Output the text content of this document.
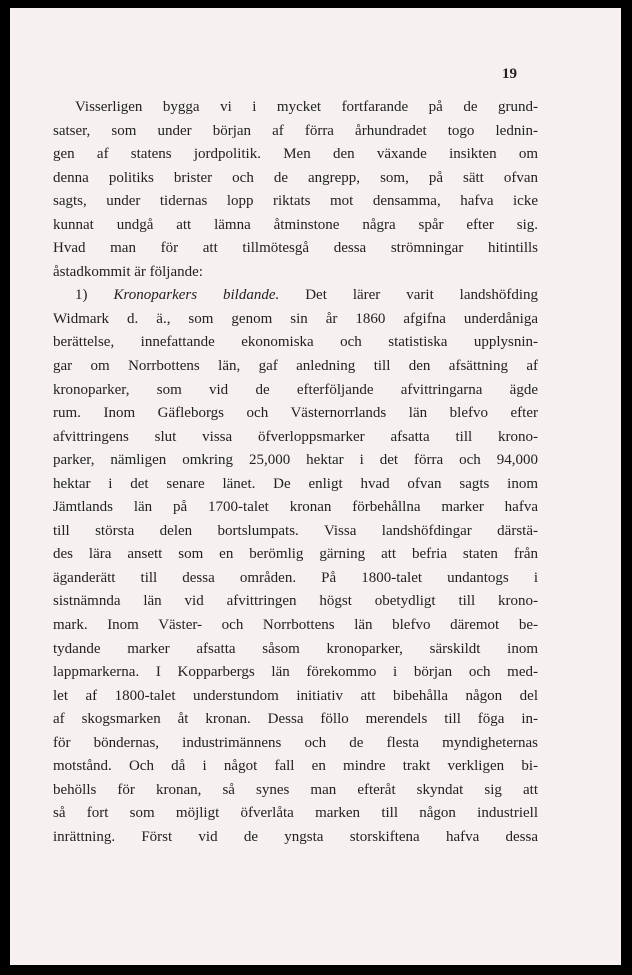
19
Visserligen bygga vi i mycket fortfarande på de grund-
satser, som under början af förra århundradet togo lednin-
gen af statens jordpolitik. Men den växande insikten om
denna politiks brister och de angrepp, som, på sätt ofvan
sagts, under tidernas lopp riktats mot densamma, hafva icke
kunnat undgå att lämna åtminstone några spår efter sig.
Hvad man för att tillmötesgå dessa strömningar hitintills
åstadkommit är följande:
1) Kronoparkers bildande. Det lärer varit landshöfding
Widmark d. ä., som genom sin år 1860 afgifna underdåniga
berättelse, innefattande ekonomiska och statistiska upplysnin-
gar om Norrbottens län, gaf anledning till den afsättning af
kronoparker, som vid de efterföljande afvittringarna ägde
rum. Inom Gäfleborgs och Västernorrlands län blefvo efter
afvittringens slut vissa öfverloppsmarker afsatta till krono-
parker, nämligen omkring 25,000 hektar i det förra och 94,000
hektar i det senare länet. De enligt hvad ofvan sagts inom
Jämtlands län på 1700-talet kronan förbehållna marker hafva
till största delen bortslumpats. Vissa landshöfdingar därstä-
des lära ansett som en berömlig gärning att befria staten från
äganderätt till dessa områden. På 1800-talet undantogs i
sistnämnda län vid afvittringen högst obetydligt till krono-
mark. Inom Väster- och Norrbottens län blefvo däremot be-
tydande marker afsatta såsom kronoparker, särskildt inom
lappmarkerna. I Kopparbergs län förekommo i början och med-
let af 1800-talet understundom initiativ att bibehålla någon del
af skogsmarken åt kronan. Dessa föllo merendels till föga in-
för böndernas, industrimännens och de flesta myndigheternas
motstånd. Och då i något fall en mindre trakt verkligen bi-
behölls för kronan, så synes man efteråt skyndat sig att
så fort som möjligt öfverlåta marken till någon industriell
inrättning. Först vid de yngsta storskiftena hafva dessa
